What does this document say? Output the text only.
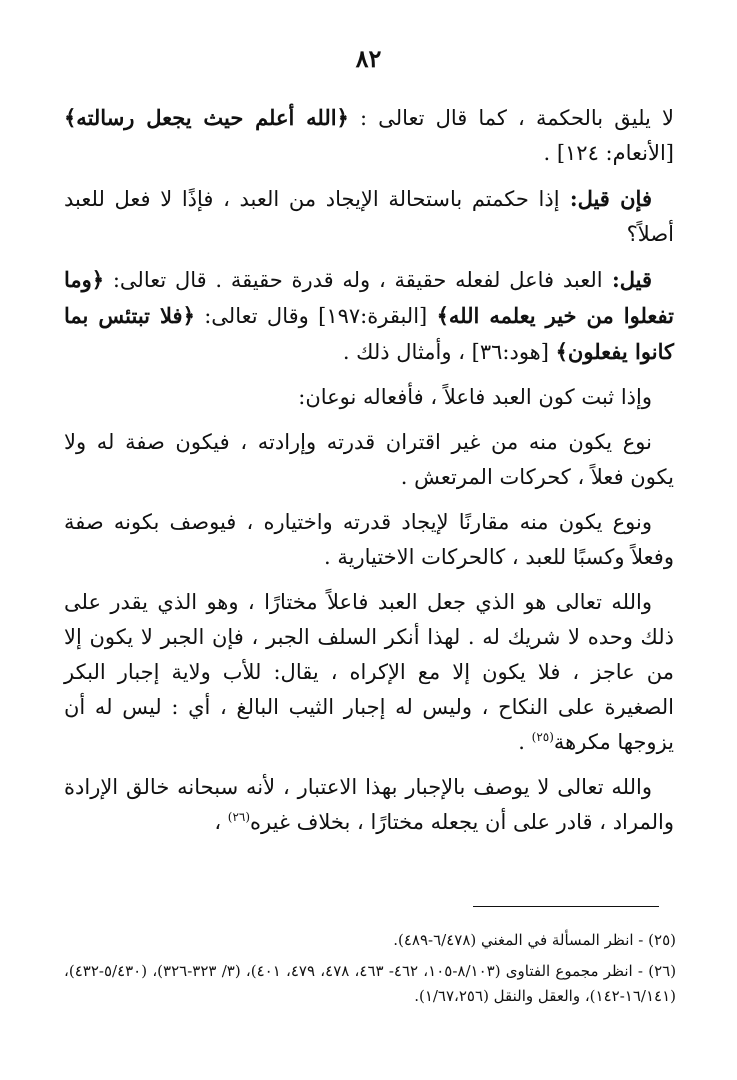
٨٢

لا يليق بالحكمة ، كما قال تعالى : ﴿الله أعلم حيث يجعل رسالته﴾ [الأنعام: ١٢٤] .

فإن قيل: إذا حكمتم باستحالة الإيجاد من العبد ، فإذًا لا فعل للعبد أصلاً؟

قيل: العبد فاعل لفعله حقيقة ، وله قدرة حقيقة . قال تعالى: ﴿وما تفعلوا من خير يعلمه الله﴾ [البقرة:١٩٧] وقال تعالى: ﴿فلا تبتئس بما كانوا يفعلون﴾ [هود:٣٦] ، وأمثال ذلك .

وإذا ثبت كون العبد فاعلاً ، فأفعاله نوعان:

نوع يكون منه من غير اقتران قدرته وإرادته ، فيكون صفة له ولا يكون فعلاً ، كحركات المرتعش .

ونوع يكون منه مقارنًا لإيجاد قدرته واختياره ، فيوصف بكونه صفة وفعلاً وكسبًا للعبد ، كالحركات الاختيارية .

والله تعالى هو الذي جعل العبد فاعلاً مختارًا ، وهو الذي يقدر على ذلك وحده لا شريك له . لهذا أنكر السلف الجبر ، فإن الجبر لا يكون إلا من عاجز ، فلا يكون إلا مع الإكراه ، يقال: للأب ولاية إجبار البكر الصغيرة على النكاح ، وليس له إجبار الثيب البالغ ، أي : ليس له أن يزوجها مكرهة$^{(٢٥)}$ .

والله تعالى لا يوصف بالإجبار بهذا الاعتبار ، لأنه سبحانه خالق الإرادة والمراد ، قادر على أن يجعله مختارًا ، بخلاف غيره$^{(٢٦)}$ ،

(٢٥) - انظر المسألة في المغني (٦/٤٧٨-٤٨٩).

(٢٦) - انظر مجموع الفتاوى (٨/١٠٣-١٠٥، ٤٦٢- ٤٦٣، ٤٧٨، ٤٧٩، ٤٠١)، (٣/ ٣٢٣-٣٢٦)، (٥/٤٣٠-٤٣٢)، (١٦/١٤١-١٤٢)، والعقل والنقل (١/٦٧،٢٥٦).
